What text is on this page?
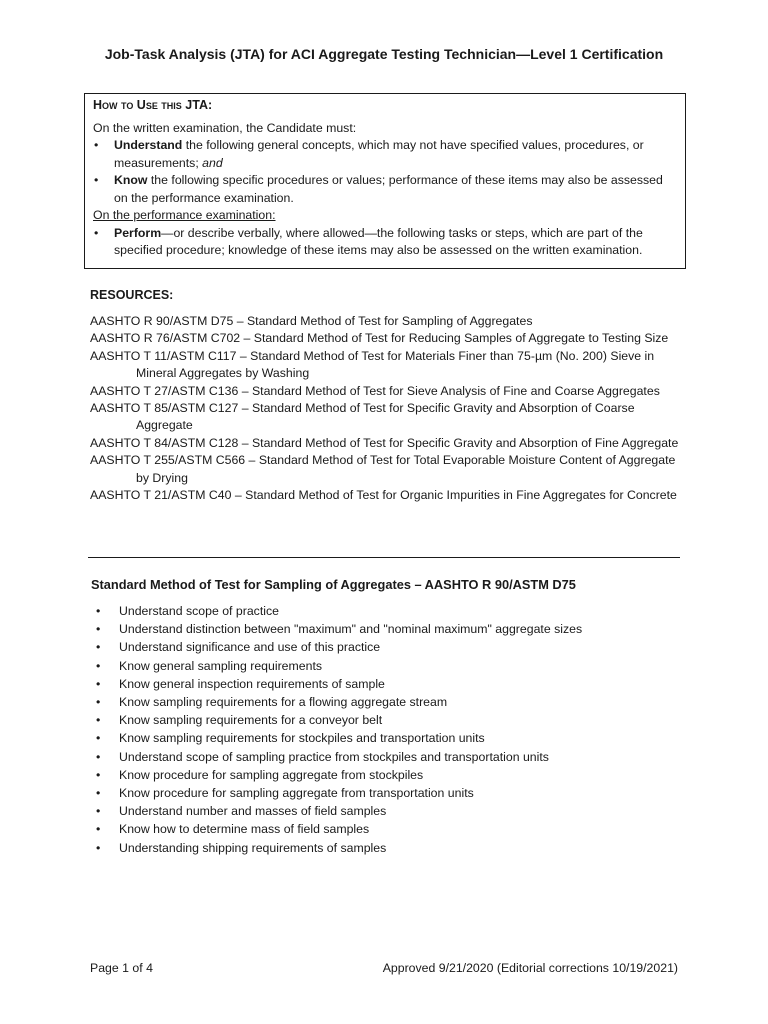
Job-Task Analysis (JTA) for ACI Aggregate Testing Technician—Level 1 Certification
How to Use this JTA:

On the written examination, the Candidate must:

•	Understand the following general concepts, which may not have specified values, procedures, or measurements; and
•	Know the following specific procedures or values; performance of these items may also be assessed on the performance examination.

On the performance examination:

•	Perform—or describe verbally, where allowed—the following tasks or steps, which are part of the specified procedure; knowledge of these items may also be assessed on the written examination.
RESOURCES:
AASHTO R 90/ASTM D75 – Standard Method of Test for Sampling of Aggregates
AASHTO R 76/ASTM C702 – Standard Method of Test for Reducing Samples of Aggregate to Testing Size
AASHTO T 11/ASTM C117 – Standard Method of Test for Materials Finer than 75-µm (No. 200) Sieve in Mineral Aggregates by Washing
AASHTO T 27/ASTM C136 – Standard Method of Test for Sieve Analysis of Fine and Coarse Aggregates
AASHTO T 85/ASTM C127 – Standard Method of Test for Specific Gravity and Absorption of Coarse Aggregate
AASHTO T 84/ASTM C128 – Standard Method of Test for Specific Gravity and Absorption of Fine Aggregate
AASHTO T 255/ASTM C566 – Standard Method of Test for Total Evaporable Moisture Content of Aggregate by Drying
AASHTO T 21/ASTM C40 – Standard Method of Test for Organic Impurities in Fine Aggregates for Concrete
Standard Method of Test for Sampling of Aggregates – AASHTO R 90/ASTM D75
•	Understand scope of practice
•	Understand distinction between "maximum" and "nominal maximum" aggregate sizes
•	Understand significance and use of this practice
•	Know general sampling requirements
•	Know general inspection requirements of sample
•	Know sampling requirements for a flowing aggregate stream
•	Know sampling requirements for a conveyor belt
•	Know sampling requirements for stockpiles and transportation units
•	Understand scope of sampling practice from stockpiles and transportation units
•	Know procedure for sampling aggregate from stockpiles
•	Know procedure for sampling aggregate from transportation units
•	Understand number and masses of field samples
•	Know how to determine mass of field samples
•	Understanding shipping requirements of samples
Page 1 of 4	Approved 9/21/2020 (Editorial corrections 10/19/2021)
